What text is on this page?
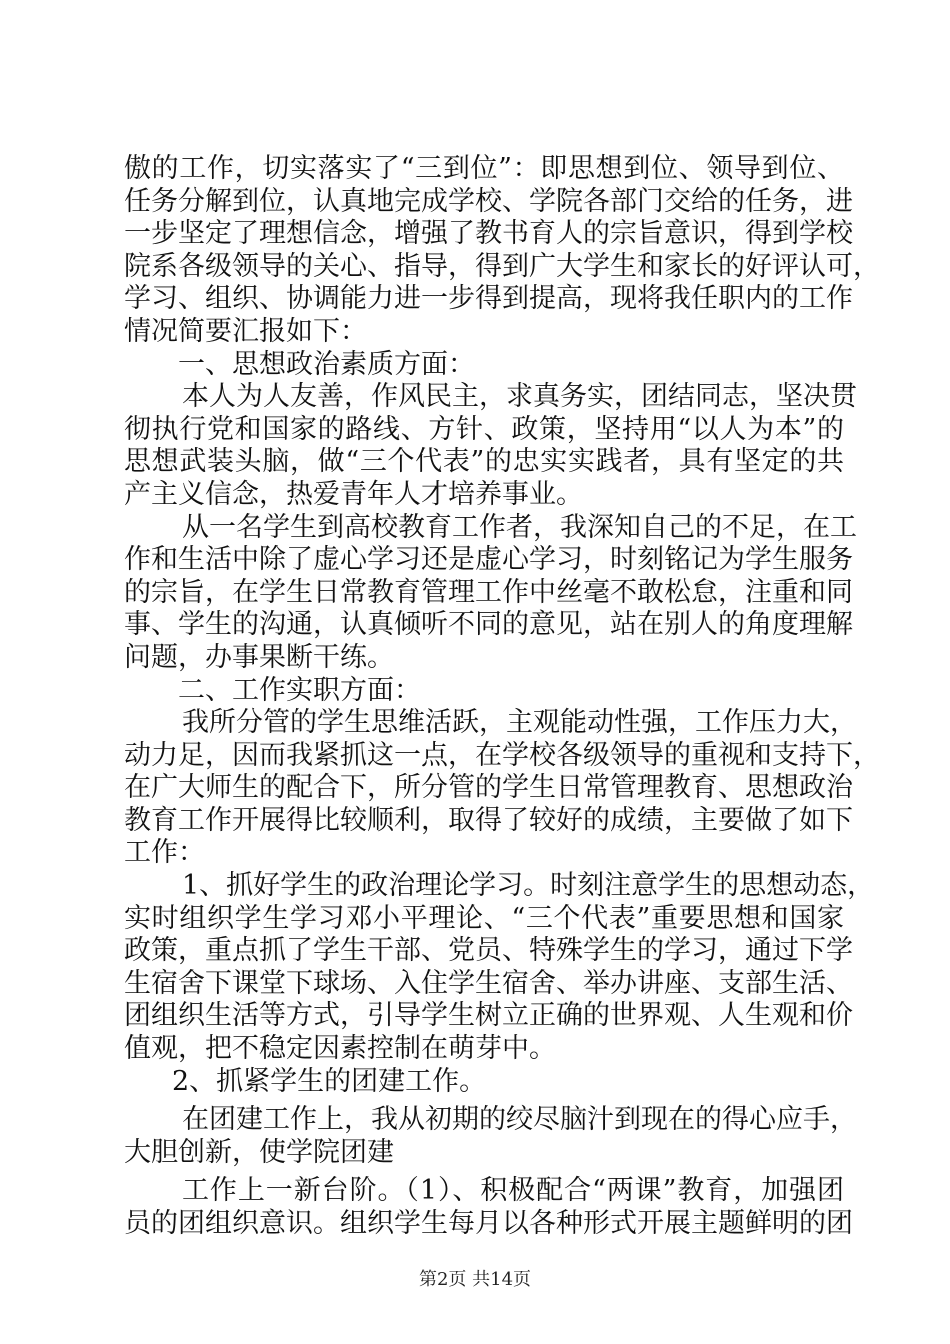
傲的工作，切实落实了“三到位”：即思想到位、领导到位、
任务分解到位，认真地完成学校、学院各部门交给的任务，进
一步坚定了理想信念，增强了教书育人的宗旨意识，得到学校
院系各级领导的关心、指导，得到广大学生和家长的好评认可，
学习、组织、协调能力进一步得到提高，现将我任职内的工作
情况简要汇报如下：
一、思想政治素质方面：
本人为人友善，作风民主，求真务实，团结同志，坚决贯
彻执行党和国家的路线、方针、政策，坚持用“以人为本”的
思想武装头脑，做“三个代表”的忠实实践者，具有坚定的共
产主义信念，热爱青年人才培养事业。
从一名学生到高校教育工作者，我深知自己的不足，在工
作和生活中除了虚心学习还是虚心学习，时刻铭记为学生服务
的宗旨，在学生日常教育管理工作中丝毫不敢松怠，注重和同
事、学生的沟通，认真倾听不同的意见，站在别人的角度理解
问题，办事果断干练。
二、工作实职方面：
我所分管的学生思维活跃，主观能动性强，工作压力大，
动力足，因而我紧抓这一点，在学校各级领导的重视和支持下，
在广大师生的配合下，所分管的学生日常管理教育、思想政治
教育工作开展得比较顺利，取得了较好的成绩，主要做了如下
工作：
1、抓好学生的政治理论学习。时刻注意学生的思想动态，
实时组织学生学习邓小平理论、“三个代表”重要思想和国家
政策，重点抓了学生干部、党员、特殊学生的学习，通过下学
生宿舍下课堂下球场、入住学生宿舍、举办讲座、支部生活、
团组织生活等方式，引导学生树立正确的世界观、人生观和价
值观，把不稳定因素控制在萌芽中。
2、抓紧学生的团建工作。
在团建工作上，我从初期的绞尽脑汁到现在的得心应手，
大胆创新，使学院团建
工作上一新台阶。（1）、积极配合“两课”教育，加强团
员的团组织意识。组织学生每月以各种形式开展主题鲜明的团
第2页 共14页
